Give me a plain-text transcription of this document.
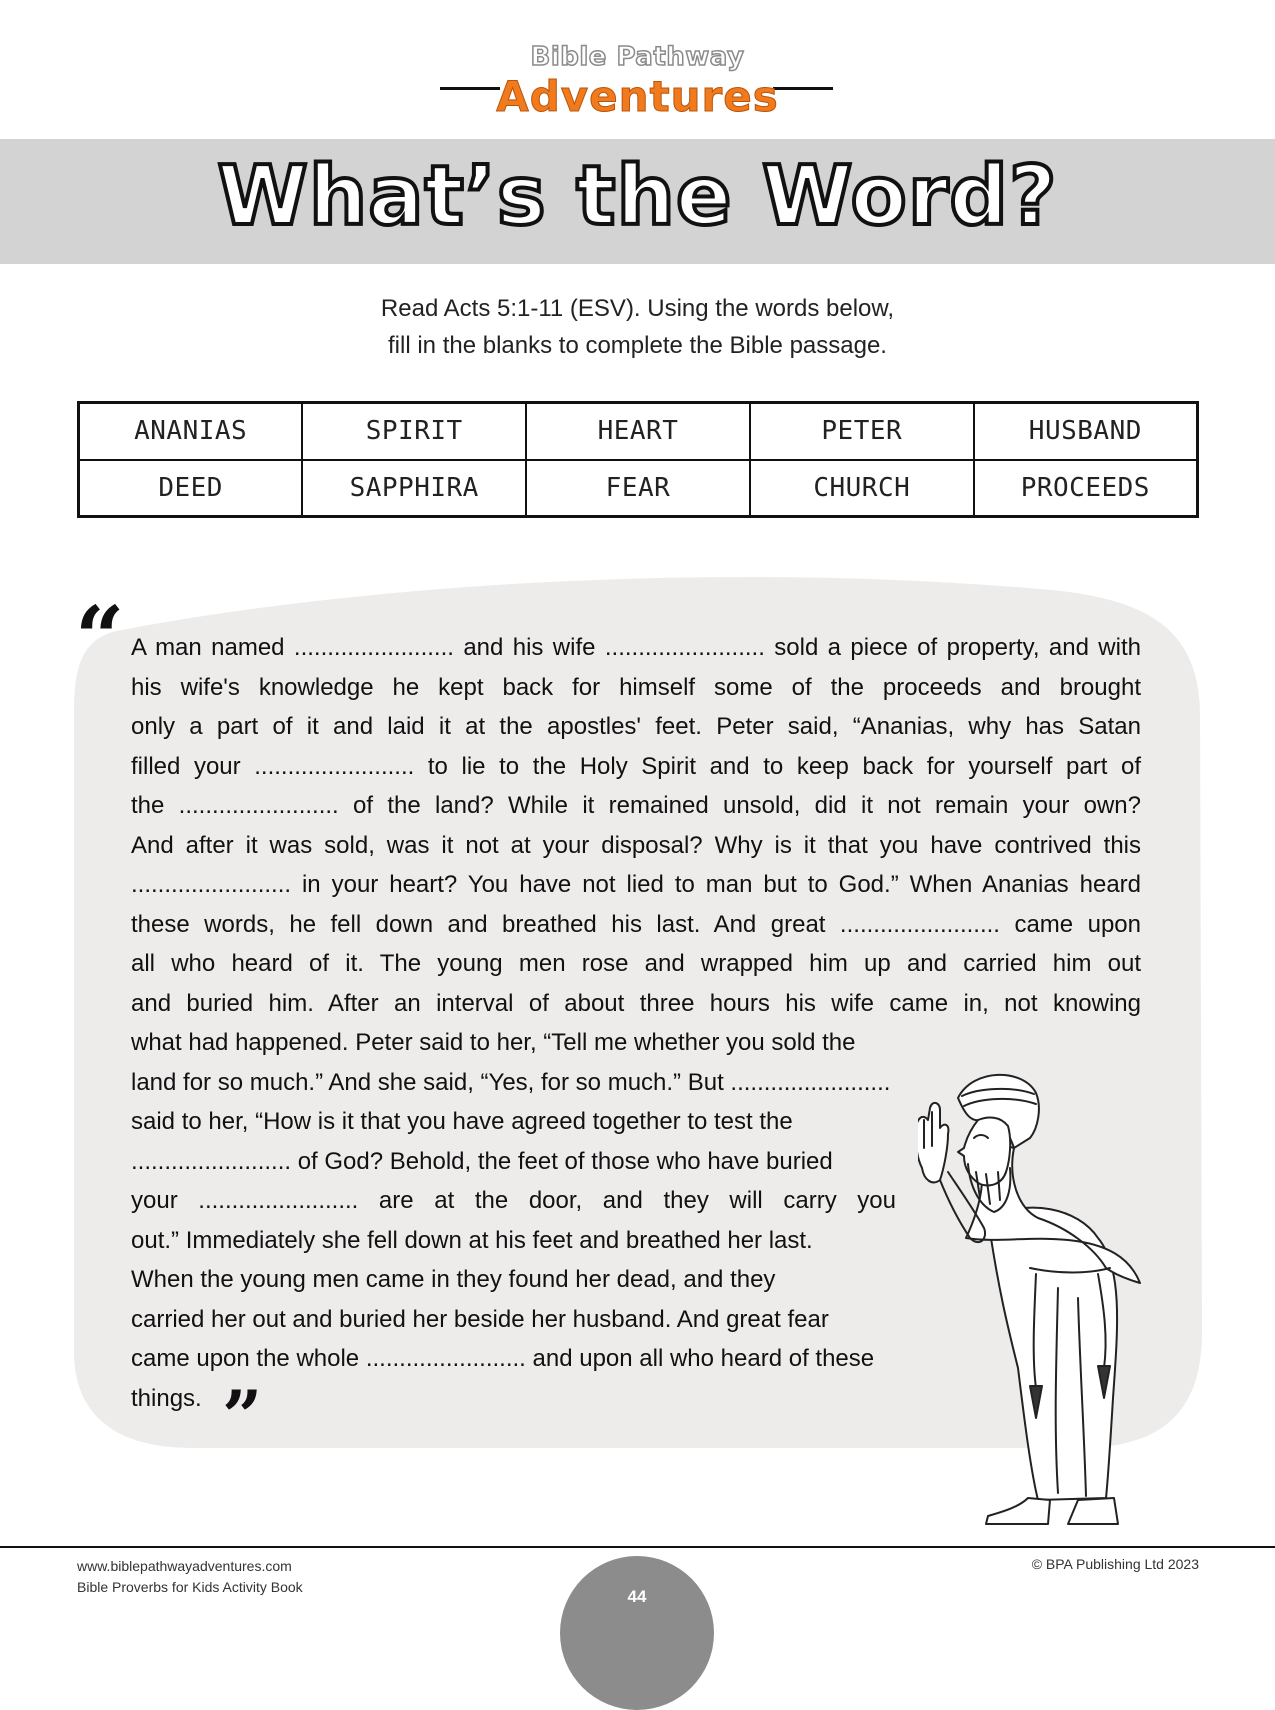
Bible Pathway
Adventures
What’s the Word?
Read Acts 5:1-11 (ESV). Using the words below,
fill in the blanks to complete the Bible passage.
ANANIAS	SPIRIT	HEART	PETER	HUSBAND
DEED	SAPPHIRA	FEAR	CHURCH	PROCEEDS
“ A man named ........................ and his wife ........................ sold a piece of property, and with
his wife's knowledge he kept back for himself some of the proceeds and brought
only a part of it and laid it at the apostles' feet. Peter said, “Ananias, why has Satan
filled your ........................ to lie to the Holy Spirit and to keep back for yourself part of
the ........................ of the land? While it remained unsold, did it not remain your own?
And after it was sold, was it not at your disposal? Why is it that you have contrived this
........................ in your heart? You have not lied to man but to God.” When Ananias heard
these words, he fell down and breathed his last. And great ........................ came upon
all who heard of it. The young men rose and wrapped him up and carried him out
and buried him. After an interval of about three hours his wife came in, not knowing
what had happened. Peter said to her, “Tell me whether you sold the
land for so much.” And she said, “Yes, for so much.” But ........................
said to her, “How is it that you have agreed together to test the
........................ of God? Behold, the feet of those who have buried
your ........................ are at the door, and they will carry you
out.” Immediately she fell down at his feet and breathed her last.
When the young men came in they found her dead, and they
carried her out and buried her beside her husband. And great fear
came upon the whole ........................ and upon all who heard of these
things. ”
www.biblepathwayadventures.com
Bible Proverbs for Kids Activity Book
© BPA Publishing Ltd 2023
44
